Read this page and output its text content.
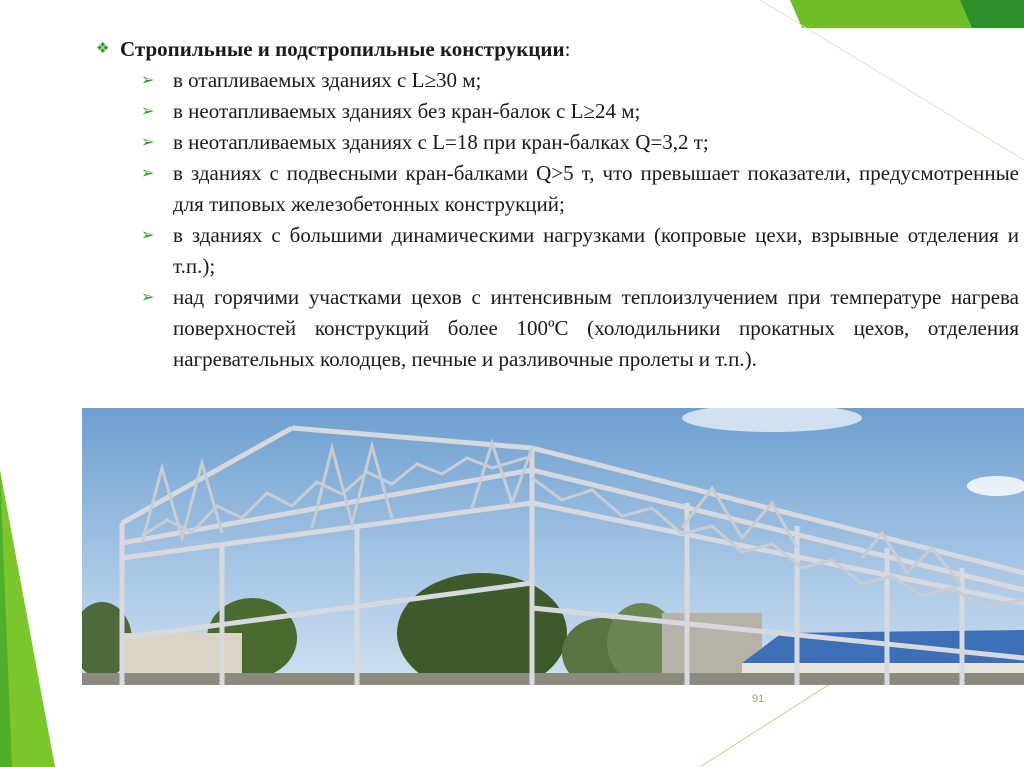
❖ Стропильные и подстропильные конструкции:
➢ в отапливаемых зданиях с L≥30 м;
➢ в неотапливаемых зданиях без кран-балок с L≥24 м;
➢ в неотапливаемых зданиях с L=18 при кран-балках Q=3,2 т;
➢ в зданиях с подвесными кран-балками Q>5 т, что превышает показатели, предусмотренные для типовых железобетонных конструкций;
➢ в зданиях с большими динамическими нагрузками (копровые цехи, взрывные отделения и т.п.);
➢ над горячими участками цехов с интенсивным теплоизлучением при температуре нагрева поверхностей конструкций более 100ºС (холодильники прокатных цехов, отделения нагревательных колодцев, печные и разливочные пролеты и т.п.).
91
